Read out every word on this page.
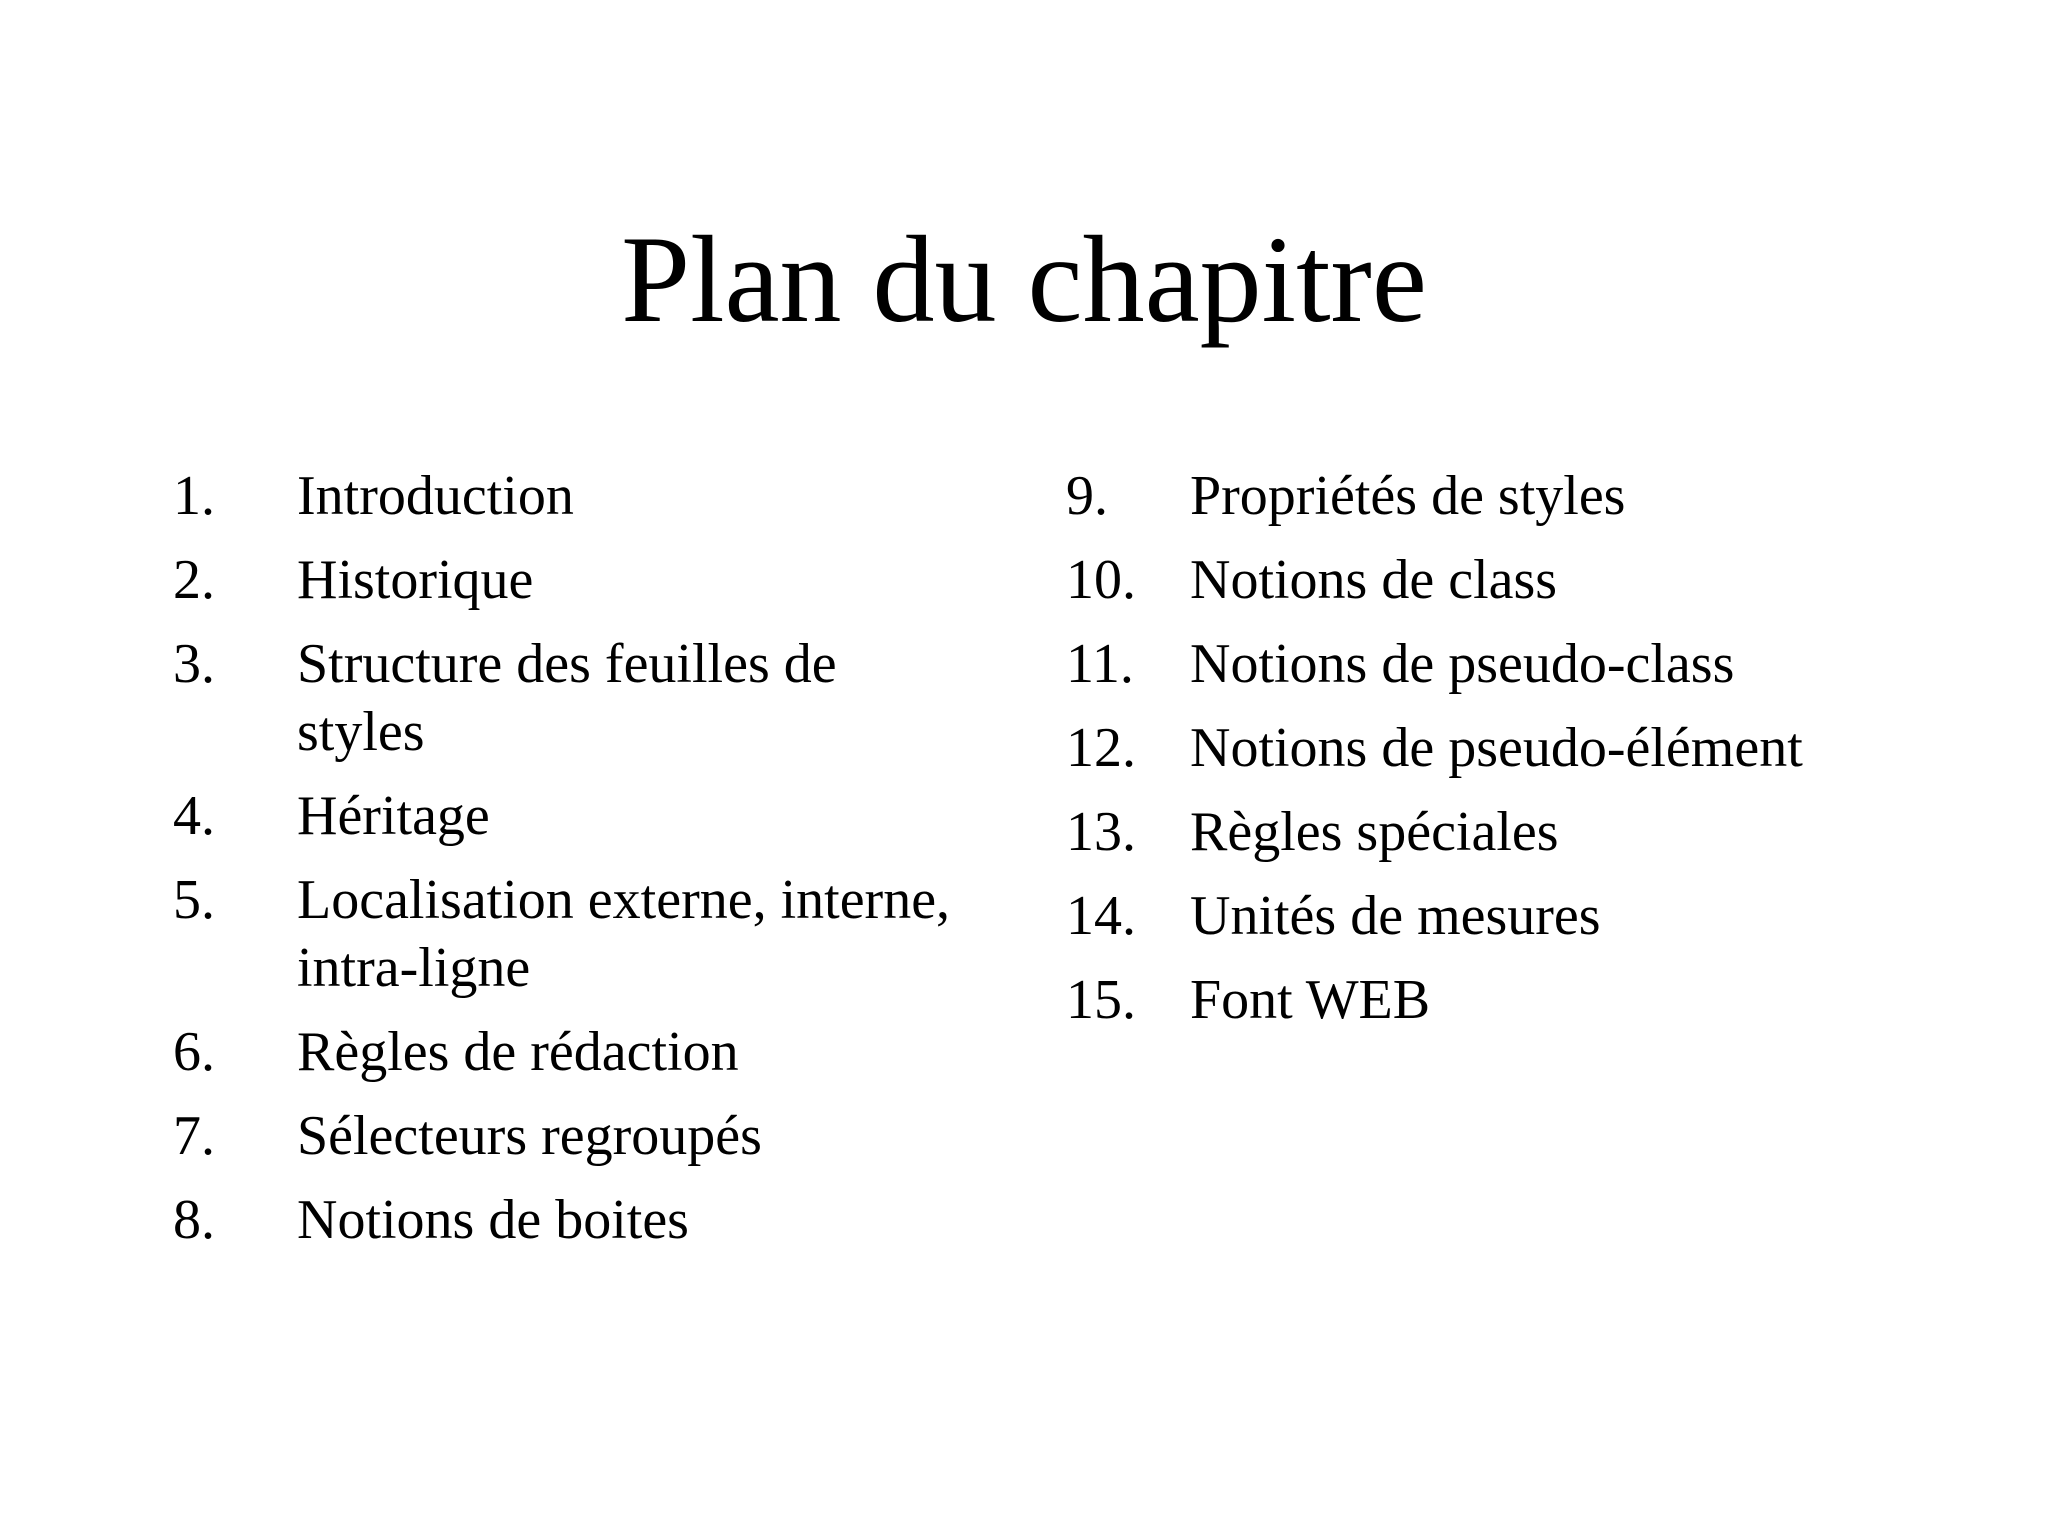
Plan du chapitre
1.	Introduction
2.	Historique
3.	Structure des feuilles de styles
4.	Héritage
5.	Localisation externe, interne, intra-ligne
6.	Règles de rédaction
7.	Sélecteurs regroupés
8.	Notions de boites
9.	Propriétés de styles
10. Notions de class
11.	Notions de pseudo-class
12. Notions de pseudo-élément
13. Règles spéciales
14. Unités de mesures
15. Font WEB
